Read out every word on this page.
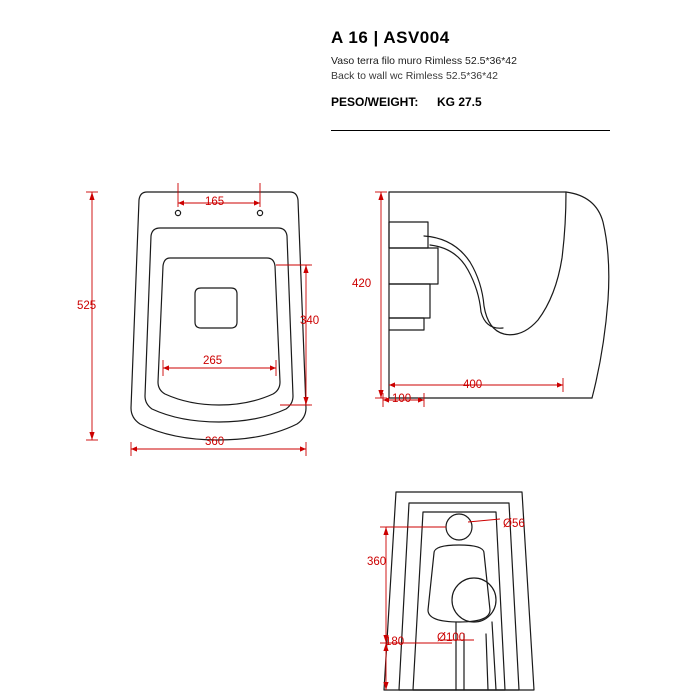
A 16 | ASV004
Vaso terra filo muro Rimless 52.5*36*42
Back to wall wc Rimless 52.5*36*42
PESO/WEIGHT: KG 27.5
165
525
340
265
360
420
400
100
Ø56
360
180	Ø100
